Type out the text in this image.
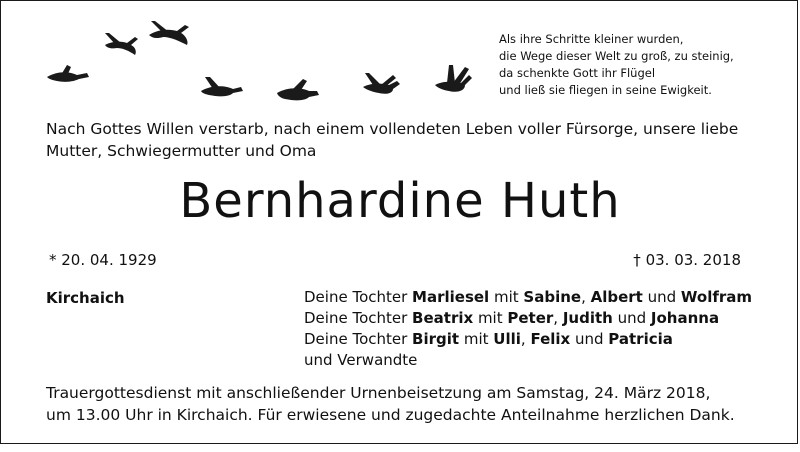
Als ihre Schritte kleiner wurden,
die Wege dieser Welt zu groß, zu steinig,
da schenkte Gott ihr Flügel
und ließ sie fliegen in seine Ewigkeit.
Nach Gottes Willen verstarb, nach einem vollendeten Leben voller Fürsorge, unsere liebe
Mutter, Schwiegermutter und Oma
Bernhardine Huth
* 20. 04. 1929	† 03. 03. 2018
Kirchaich	Deine Tochter Marliesel mit Sabine, Albert und Wolfram
Deine Tochter Beatrix mit Peter, Judith und Johanna
Deine Tochter Birgit mit Ulli, Felix und Patricia
und Verwandte
Trauergottesdienst mit anschließender Urnenbeisetzung am Samstag, 24. März 2018,
um 13.00 Uhr in Kirchaich. Für erwiesene und zugedachte Anteilnahme herzlichen Dank.
